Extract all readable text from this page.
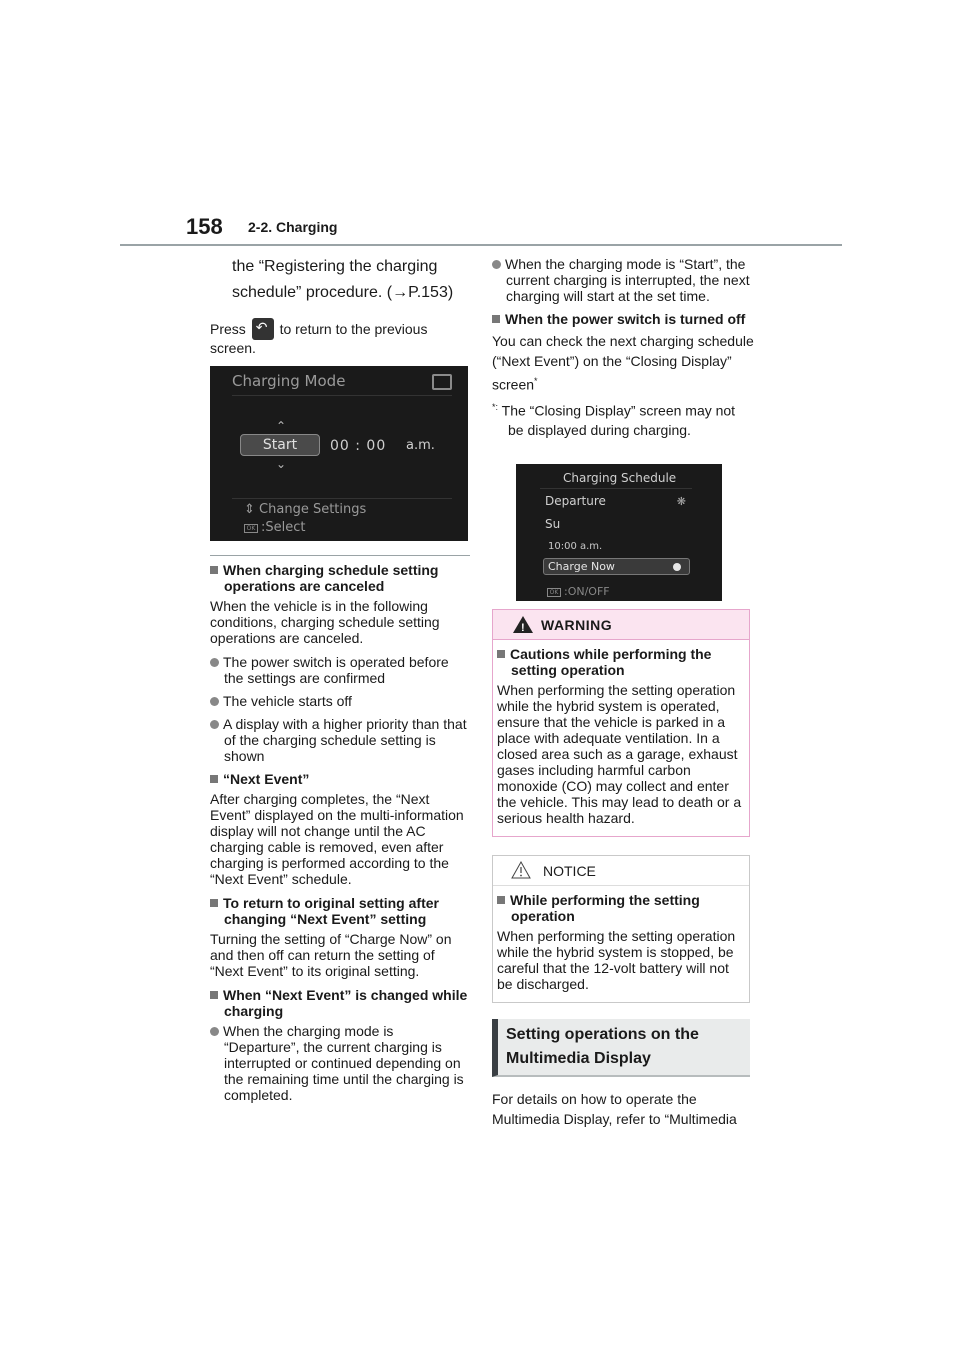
158 2-2. Charging
the “Registering the charging schedule” procedure. (→P.153)
Press ↶ to return to the previous screen.
Charging Mode
⌃
Start
⌄
00 : 00 a.m.
⇕ Change Settings
OK :Select
When charging schedule setting operations are canceled
When the vehicle is in the following conditions, charging schedule setting operations are canceled.
The power switch is operated before the settings are confirmed
The vehicle starts off
A display with a higher priority than that of the charging schedule setting is shown
“Next Event”
After charging completes, the “Next Event” displayed on the multi-information display will not change until the AC charging cable is removed, even after charging is performed according to the “Next Event” schedule.
To return to original setting after changing “Next Event” setting
Turning the setting of “Charge Now” on and then off can return the setting of “Next Event” to its original setting.
When “Next Event” is changed while charging
When the charging mode is “Departure”, the current charging is interrupted or continued depending on the remaining time until the charging is completed.
When the charging mode is “Start”, the current charging is interrupted, the next charging will start at the set time.
When the power switch is turned off
You can check the next charging schedule (“Next Event”) on the “Closing Display” screen*
*: The “Closing Display” screen may not be displayed during charging.
Charging Schedule
Departure	❋
Su
10:00 a.m.
Charge Now
OK :ON/OFF
!
WARNING
Cautions while performing the setting operation
When performing the setting operation while the hybrid system is operated, ensure that the vehicle is parked in a place with adequate ventilation. In a closed area such as a garage, exhaust gases including harmful carbon monoxide (CO) may collect and enter the vehicle. This may lead to death or a serious health hazard.
NOTICE
While performing the setting operation
When performing the setting operation while the hybrid system is stopped, be careful that the 12-volt battery will not be discharged.
Setting operations on the Multimedia Display
For details on how to operate the Multimedia Display, refer to “Multimedia
